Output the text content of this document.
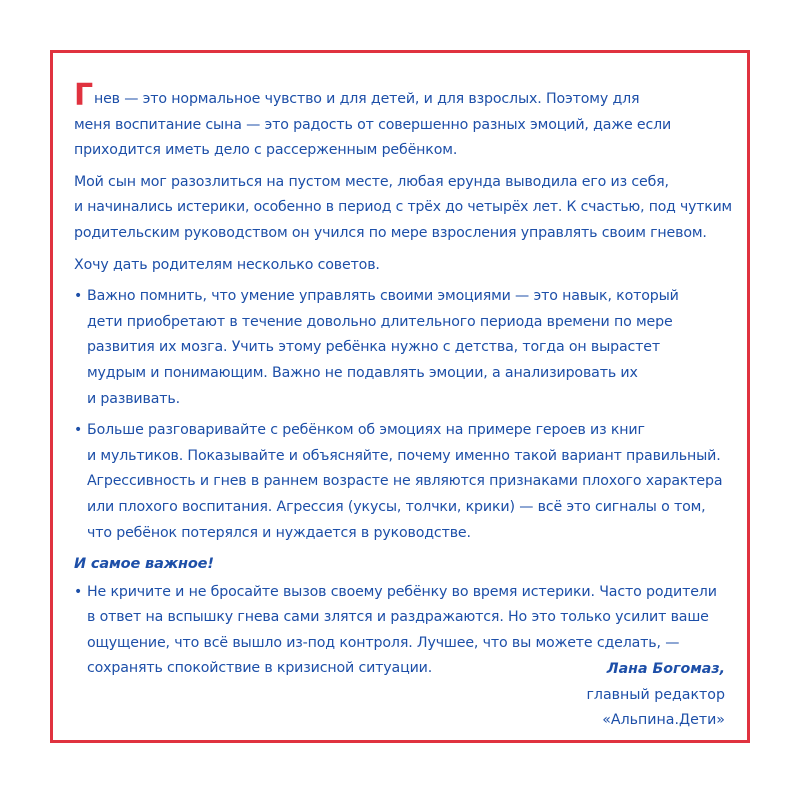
Гнев — это нормальное чувство и для детей, и для взрослых. Поэтому для
меня воспитание сына — это радость от совершенно разных эмоций, даже если
приходится иметь дело с рассерженным ребёнком.
Мой сын мог разозлиться на пустом месте, любая ерунда выводила его из себя,
и начинались истерики, особенно в период с трёх до четырёх лет. К счастью, под чутким
родительским руководством он учился по мере взросления управлять своим гневом.
Хочу дать родителям несколько советов.
• Важно помнить, что умение управлять своими эмоциями — это навык, который
дети приобретают в течение довольно длительного периода времени по мере
развития их мозга. Учить этому ребёнка нужно с детства, тогда он вырастет
мудрым и понимающим. Важно не подавлять эмоции, а анализировать их
и развивать.
• Больше разговаривайте с ребёнком об эмоциях на примере героев из книг
и мультиков. Показывайте и объясняйте, почему именно такой вариант правильный.
Агрессивность и гнев в раннем возрасте не являются признаками плохого характера
или плохого воспитания. Агрессия (укусы, толчки, крики) — всё это сигналы о том,
что ребёнок потерялся и нуждается в руководстве.
И самое важное!
• Не кричите и не бросайте вызов своему ребёнку во время истерики. Часто родители
в ответ на вспышку гнева сами злятся и раздражаются. Но это только усилит ваше
ощущение, что всё вышло из-под контроля. Лучшее, что вы можете сделать, —
сохранять спокойствие в кризисной ситуации.	Лана Богомаз,
главный редактор
«Альпина.Дети»
